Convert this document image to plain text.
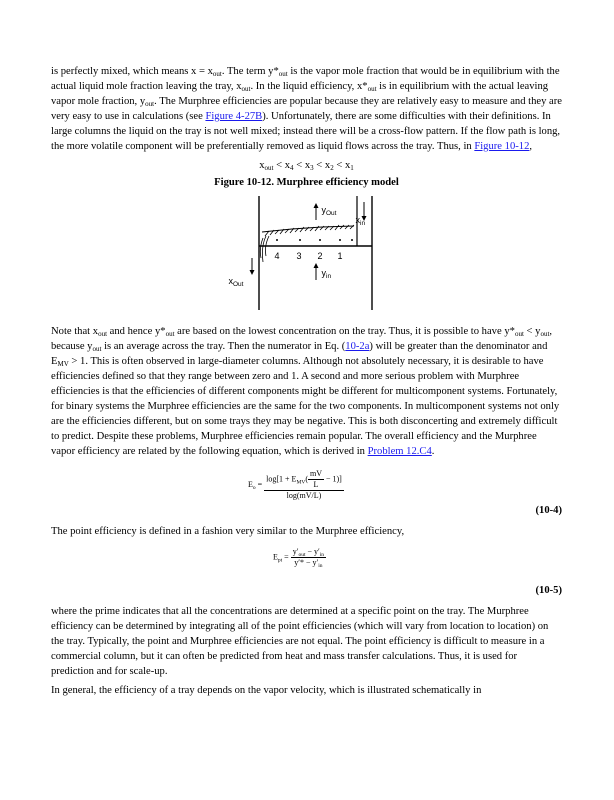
is perfectly mixed, which means $x = x_{out}$. The term $y*_{out}$ is the vapor mole fraction that would be in equilibrium with the actual liquid mole fraction leaving the tray, $x_{out}$. In the liquid efficiency, $x*_{out}$ is in equilibrium with the actual leaving vapor mole fraction, $y_{out}$. The Murphree efficiencies are popular because they are relatively easy to measure and they are very easy to use in calculations (see Figure 4-27B). Unfortunately, there are some difficulties with their definitions. In large columns the liquid on the tray is not well mixed; instead there will be a cross-flow pattern. If the flow path is long, the more volatile component will be preferentially removed as liquid flows across the tray. Thus, in Figure 10-12,

$x_{out} < x_4 < x_3 < x_2 < x_1$

Figure 10-12. Murphree efficiency model
$y_{Out}$
$x_{in}$
4 3 2 1
$y_{in}$
$x_{Out}$

Note that $x_{out}$ and hence $y*_{out}$ are based on the lowest concentration on the tray. Thus, it is possible to have $y*_{out} < y_{out}$, because $y_{out}$ is an average across the tray. Then the numerator in Eq. (10-2a) will be greater than the denominator and $E_{MV} > 1$. This is often observed in large-diameter columns. Although not absolutely necessary, it is desirable to have efficiencies defined so that they range between zero and 1. A second and more serious problem with Murphree efficiencies is that the efficiencies of different components might be different for multicomponent systems. Fortunately, for binary systems the Murphree efficiencies are the same for the two components. In multicomponent systems not only are the efficiencies different, but on some trays they may be negative. This is both disconcerting and extremely difficult to predict. Despite these problems, Murphree efficiencies remain popular. The overall efficiency and the Murphree vapor efficiency are related by the following equation, which is derived in Problem 12.C4.

$E_o = \frac{\log[1 + E_{MV}( \frac{mV}{L} - 1)]}{\log(mV/L)}$
(10-4)

The point efficiency is defined in a fashion very similar to the Murphree efficiency,

$E_{pt} = \frac{y'_{out} - y'_{in}}{y'* - y'_{in}}$
(10-5)

where the prime indicates that all the concentrations are determined at a specific point on the tray. The Murphree efficiency can be determined by integrating all of the point efficiencies (which will vary from location to location) on the tray. Typically, the point and Murphree efficiencies are not equal. The point efficiency is difficult to measure in a commercial column, but it can often be predicted from heat and mass transfer calculations. Thus, it is used for prediction and for scale-up.

In general, the efficiency of a tray depends on the vapor velocity, which is illustrated schematically in
